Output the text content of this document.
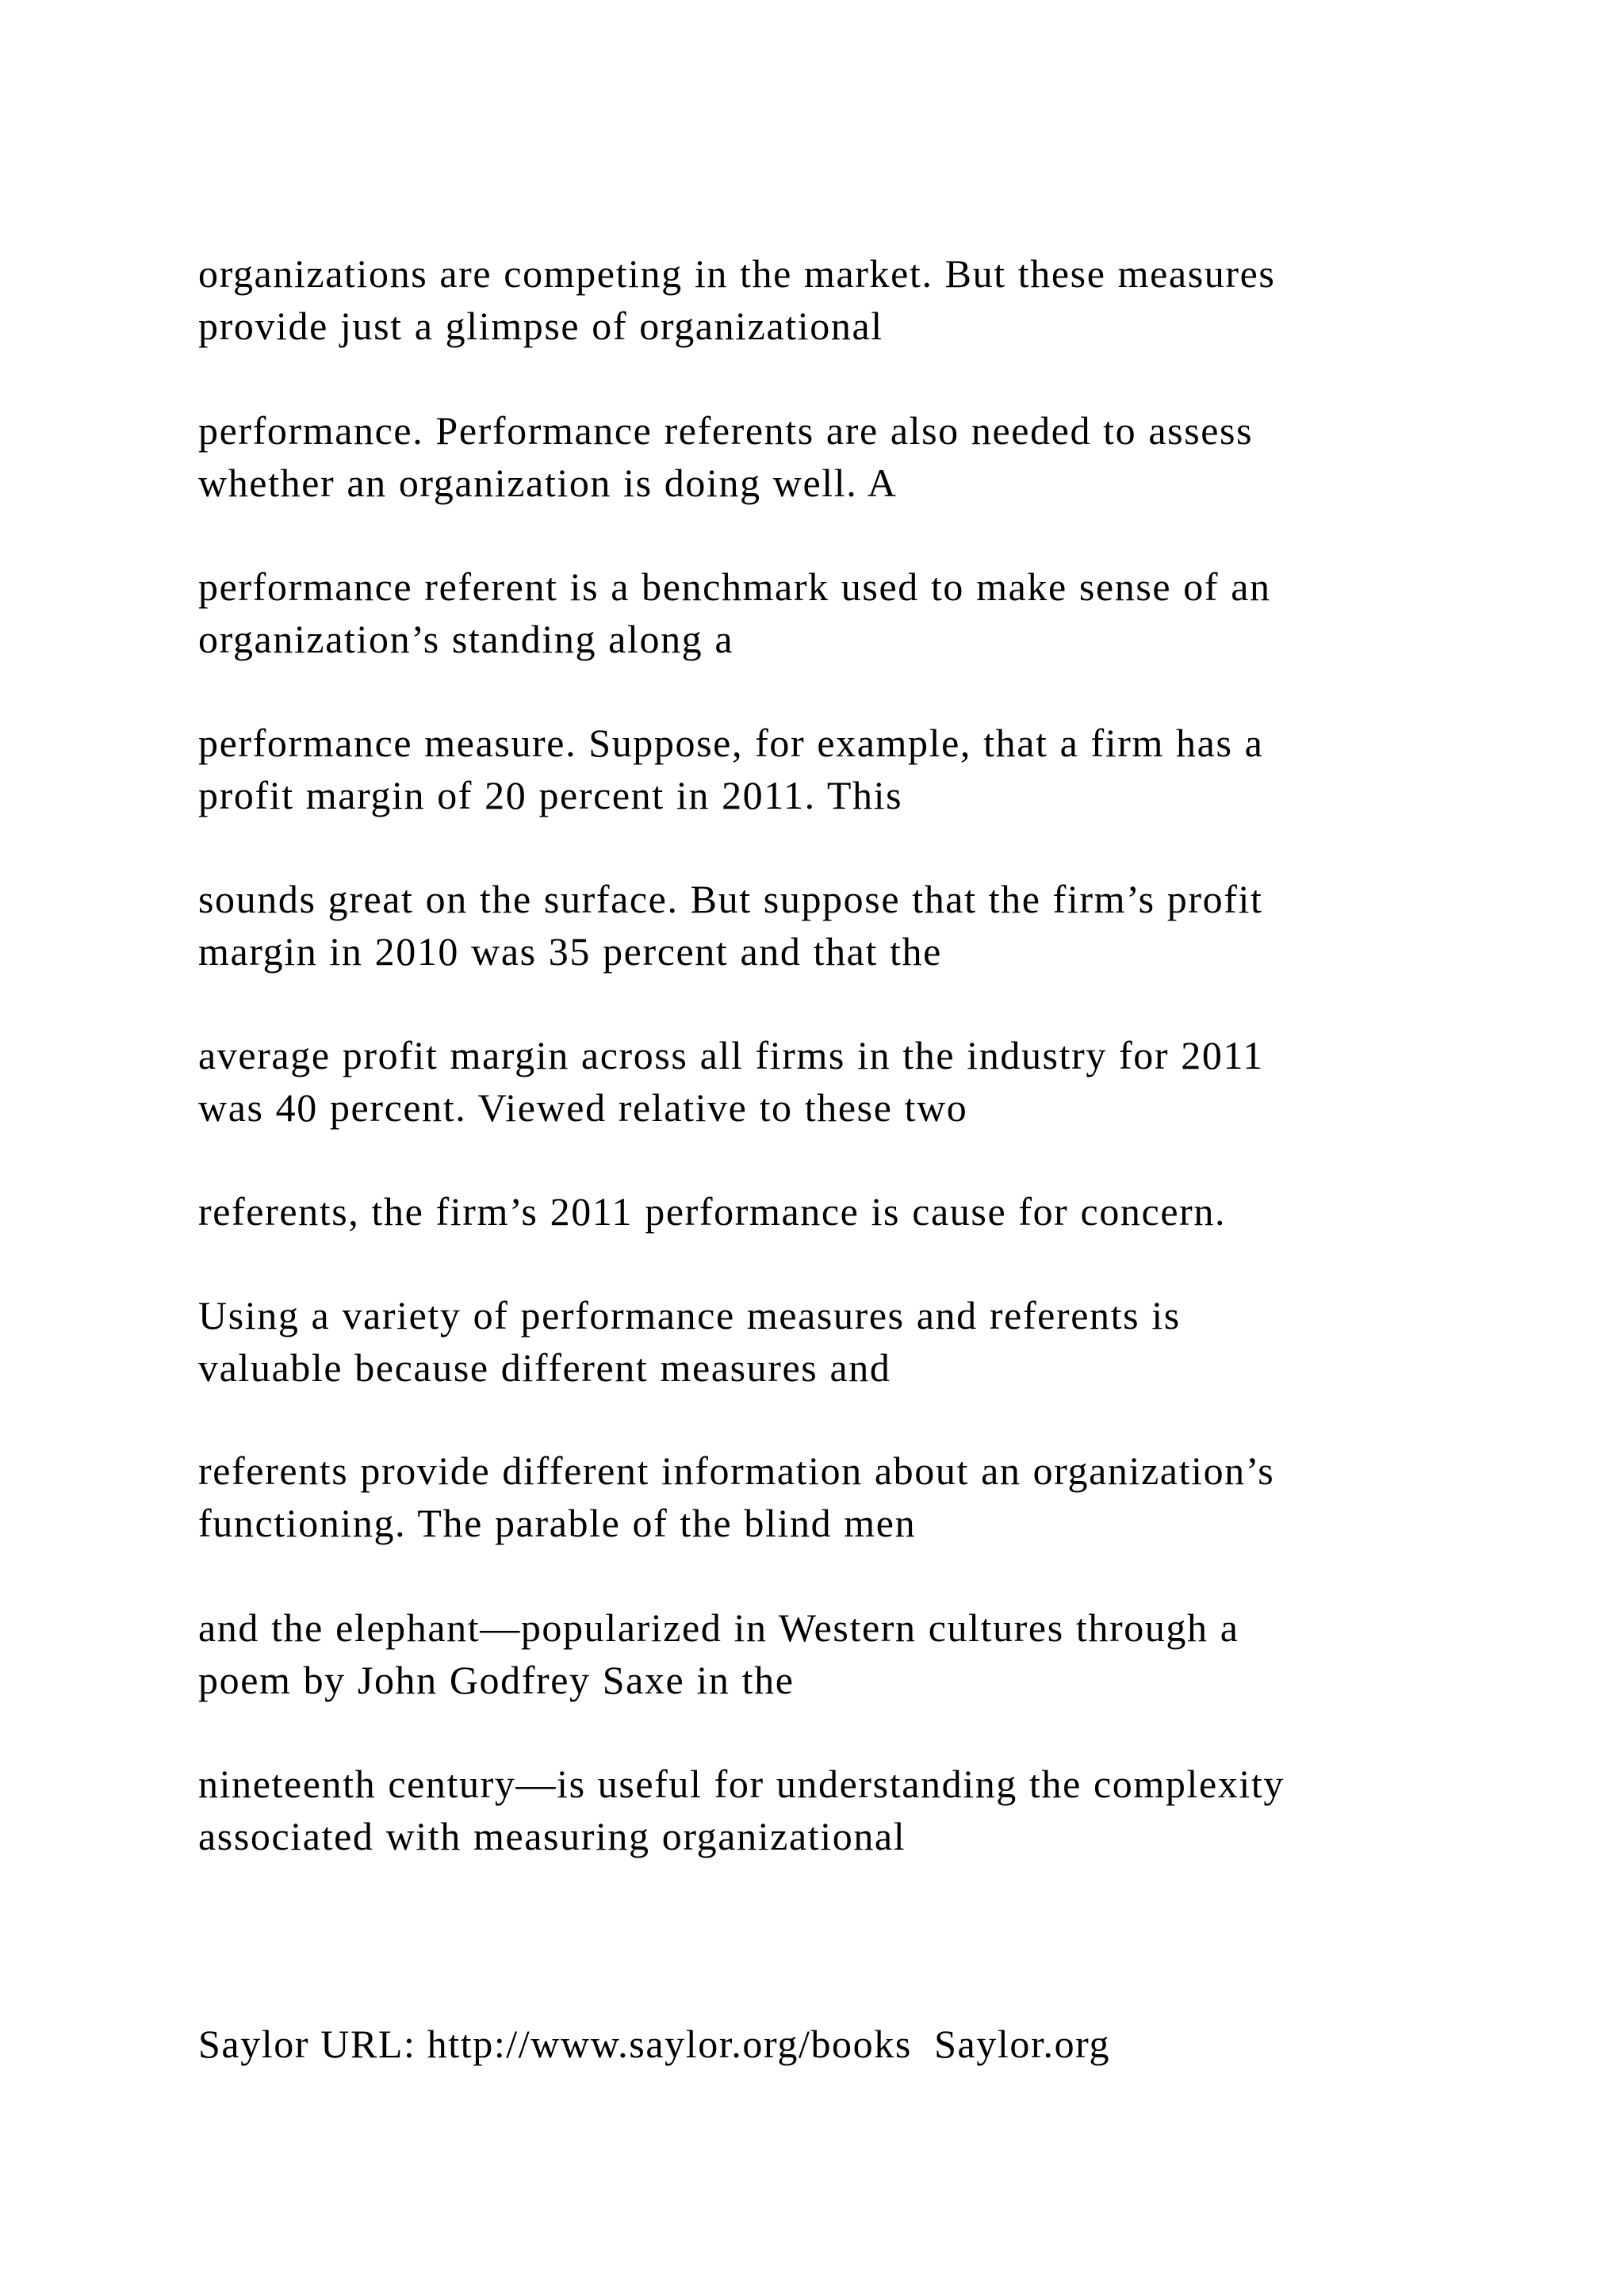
organizations are competing in the market. But these measures
provide just a glimpse of organizational

performance. Performance referents are also needed to assess
whether an organization is doing well. A

performance referent is a benchmark used to make sense of an
organization’s standing along a

performance measure. Suppose, for example, that a firm has a
profit margin of 20 percent in 2011. This

sounds great on the surface. But suppose that the firm’s profit
margin in 2010 was 35 percent and that the

average profit margin across all firms in the industry for 2011
was 40 percent. Viewed relative to these two

referents, the firm’s 2011 performance is cause for concern.

Using a variety of performance measures and referents is
valuable because different measures and

referents provide different information about an organization’s
functioning. The parable of the blind men

and the elephant—popularized in Western cultures through a
poem by John Godfrey Saxe in the

nineteenth century—is useful for understanding the complexity
associated with measuring organizational

Saylor URL: http://www.saylor.org/books  Saylor.org
